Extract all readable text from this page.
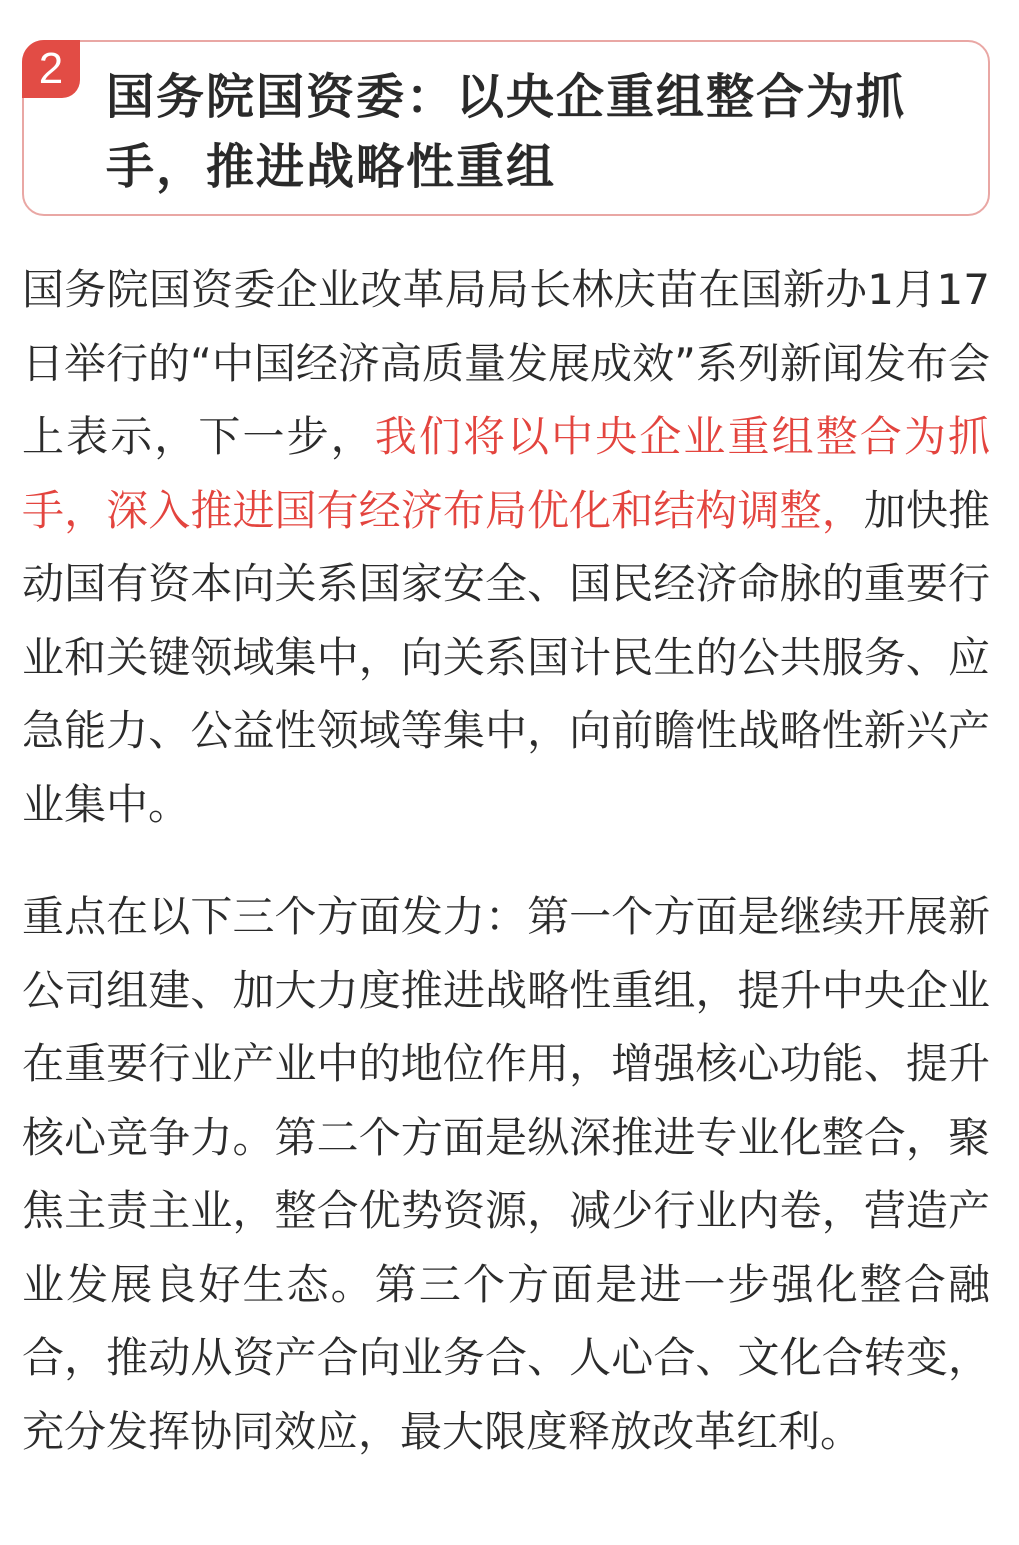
2
国务院国资委：以央企重组整合为抓手，推进战略性重组

国务院国资委企业改革局局长林庆苗在国新办1月17日举行的“中国经济高质量发展成效”系列新闻发布会上表示，下一步，我们将以中央企业重组整合为抓手，深入推进国有经济布局优化和结构调整，加快推动国有资本向关系国家安全、国民经济命脉的重要行业和关键领域集中，向关系国计民生的公共服务、应急能力、公益性领域等集中，向前瞻性战略性新兴产业集中。

重点在以下三个方面发力：第一个方面是继续开展新公司组建、加大力度推进战略性重组，提升中央企业在重要行业产业中的地位作用，增强核心功能、提升核心竞争力。第二个方面是纵深推进专业化整合，聚焦主责主业，整合优势资源，减少行业内卷，营造产业发展良好生态。第三个方面是进一步强化整合融合，推动从资产合向业务合、人心合、文化合转变，充分发挥协同效应，最大限度释放改革红利。
